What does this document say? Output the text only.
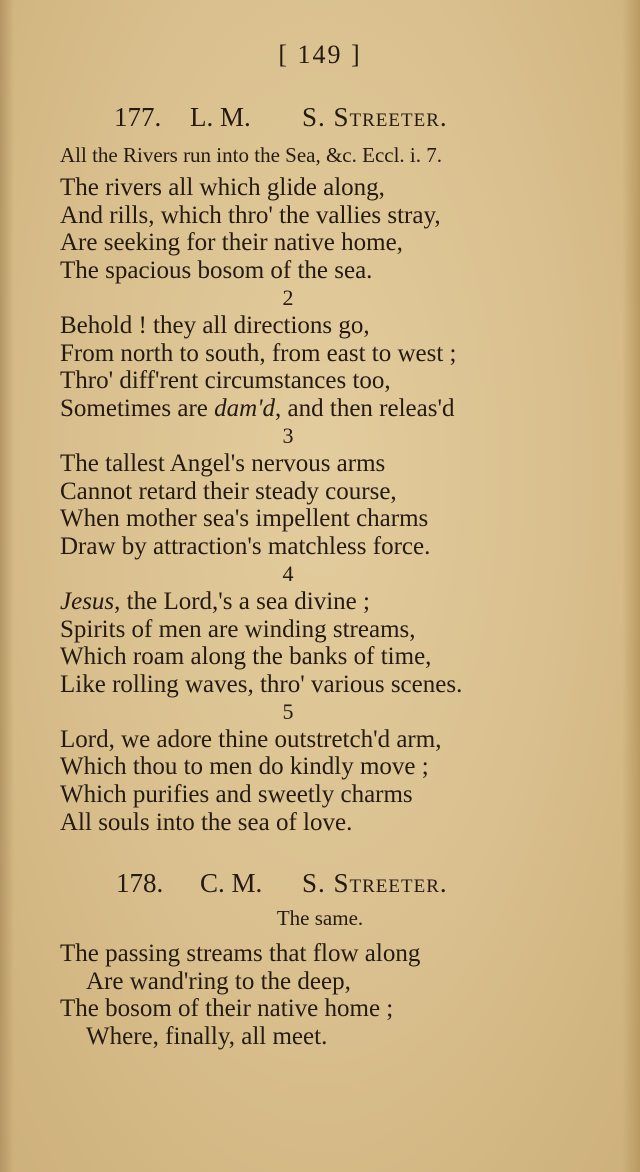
[ 149 ]
177. L. M. S. Streeter.
All the Rivers run into the Sea, &c. Eccl. i. 7.
The rivers all which glide along,
And rills, which thro' the vallies stray,
Are seeking for their native home,
The spacious bosom of the sea.
2
Behold ! they all directions go,
From north to south, from east to west ;
Thro' diff'rent circumstances too,
Sometimes are dam'd, and then releas'd
3
The tallest Angel's nervous arms
Cannot retard their steady course,
When mother sea's impellent charms
Draw by attraction's matchless force.
4
Jesus, the Lord,'s a sea divine ;
Spirits of men are winding streams,
Which roam along the banks of time,
Like rolling waves, thro' various scenes.
5
Lord, we adore thine outstretch'd arm,
Which thou to men do kindly move ;
Which purifies and sweetly charms
All souls into the sea of love.
178. C. M. S. Streeter.
The same.
The passing streams that flow along
Are wand'ring to the deep,
The bosom of their native home ;
Where, finally, all meet.
